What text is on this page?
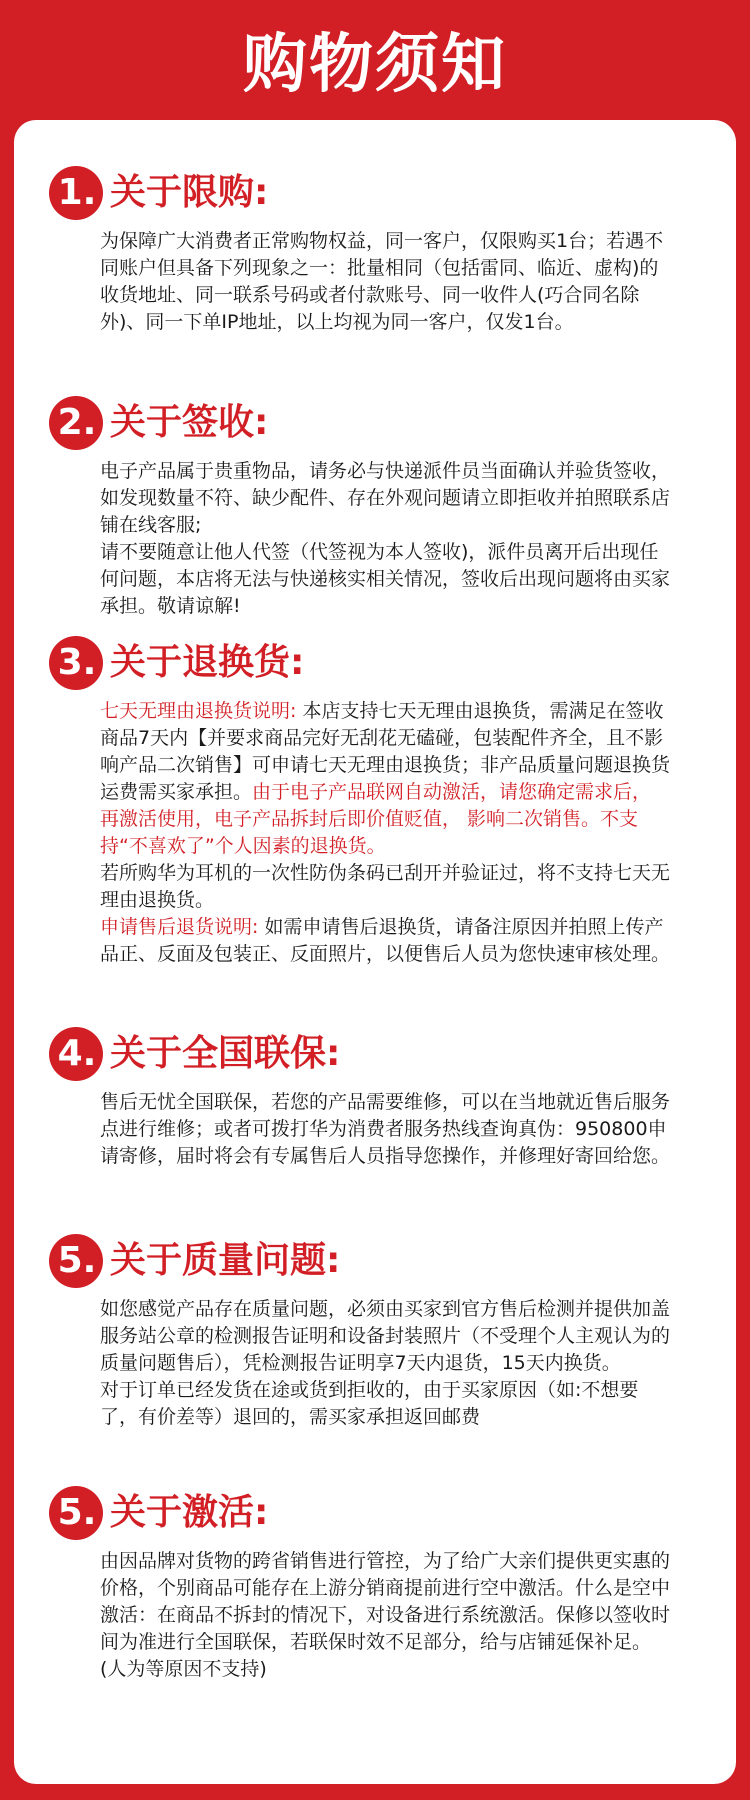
购物须知
1. 关于限购:
为保障广大消费者正常购物权益，同一客户，仅限购买1台；若遇不同账户但具备下列现象之一：批量相同（包括雷同、临近、虚构)的收货地址、同一联系号码或者付款账号、同一收件人(巧合同名除外)、同一下单IP地址，以上均视为同一客户，仅发1台。
2. 关于签收:
电子产品属于贵重物品，请务必与快递派件员当面确认并验货签收，如发现数量不符、缺少配件、存在外观问题请立即拒收并拍照联系店铺在线客服;
请不要随意让他人代签（代签视为本人签收)，派件员离开后出现任何问题，本店将无法与快递核实相关情况，签收后出现问题将由买家承担。敬请谅解!
3. 关于退换货:
七天无理由退换货说明: 本店支持七天无理由退换货，需满足在签收商品7天内【并要求商品完好无刮花无磕碰，包装配件齐全，且不影响产品二次销售】可申请七天无理由退换货；非产品质量问题退换货运费需买家承担。由于电子产品联网自动激活，请您确定需求后，再激活使用，电子产品拆封后即价值贬值， 影响二次销售。不支持“不喜欢了”个人因素的退换货。
若所购华为耳机的一次性防伪条码已刮开并验证过，将不支持七天无理由退换货。
申请售后退货说明: 如需申请售后退换货，请备注原因并拍照上传产品正、反面及包装正、反面照片，以便售后人员为您快速审核处理。
4. 关于全国联保:
售后无忧全国联保，若您的产品需要维修，可以在当地就近售后服务点进行维修；或者可拨打华为消费者服务热线查询真伪：950800申请寄修，届时将会有专属售后人员指导您操作，并修理好寄回给您。
5. 关于质量问题:
如您感觉产品存在质量问题，必须由买家到官方售后检测并提供加盖服务站公章的检测报告证明和设备封装照片（不受理个人主观认为的质量问题售后），凭检测报告证明享7天内退货，15天内换货。
对于订单已经发货在途或货到拒收的，由于买家原因（如:不想要了，有价差等）退回的，需买家承担返回邮费
5. 关于激活:
由因品牌对货物的跨省销售进行管控，为了给广大亲们提供更实惠的价格，个别商品可能存在上游分销商提前进行空中激活。什么是空中激活：在商品不拆封的情况下，对设备进行系统激活。保修以签收时间为准进行全国联保，若联保时效不足部分，给与店铺延保补足。(人为等原因不支持)
